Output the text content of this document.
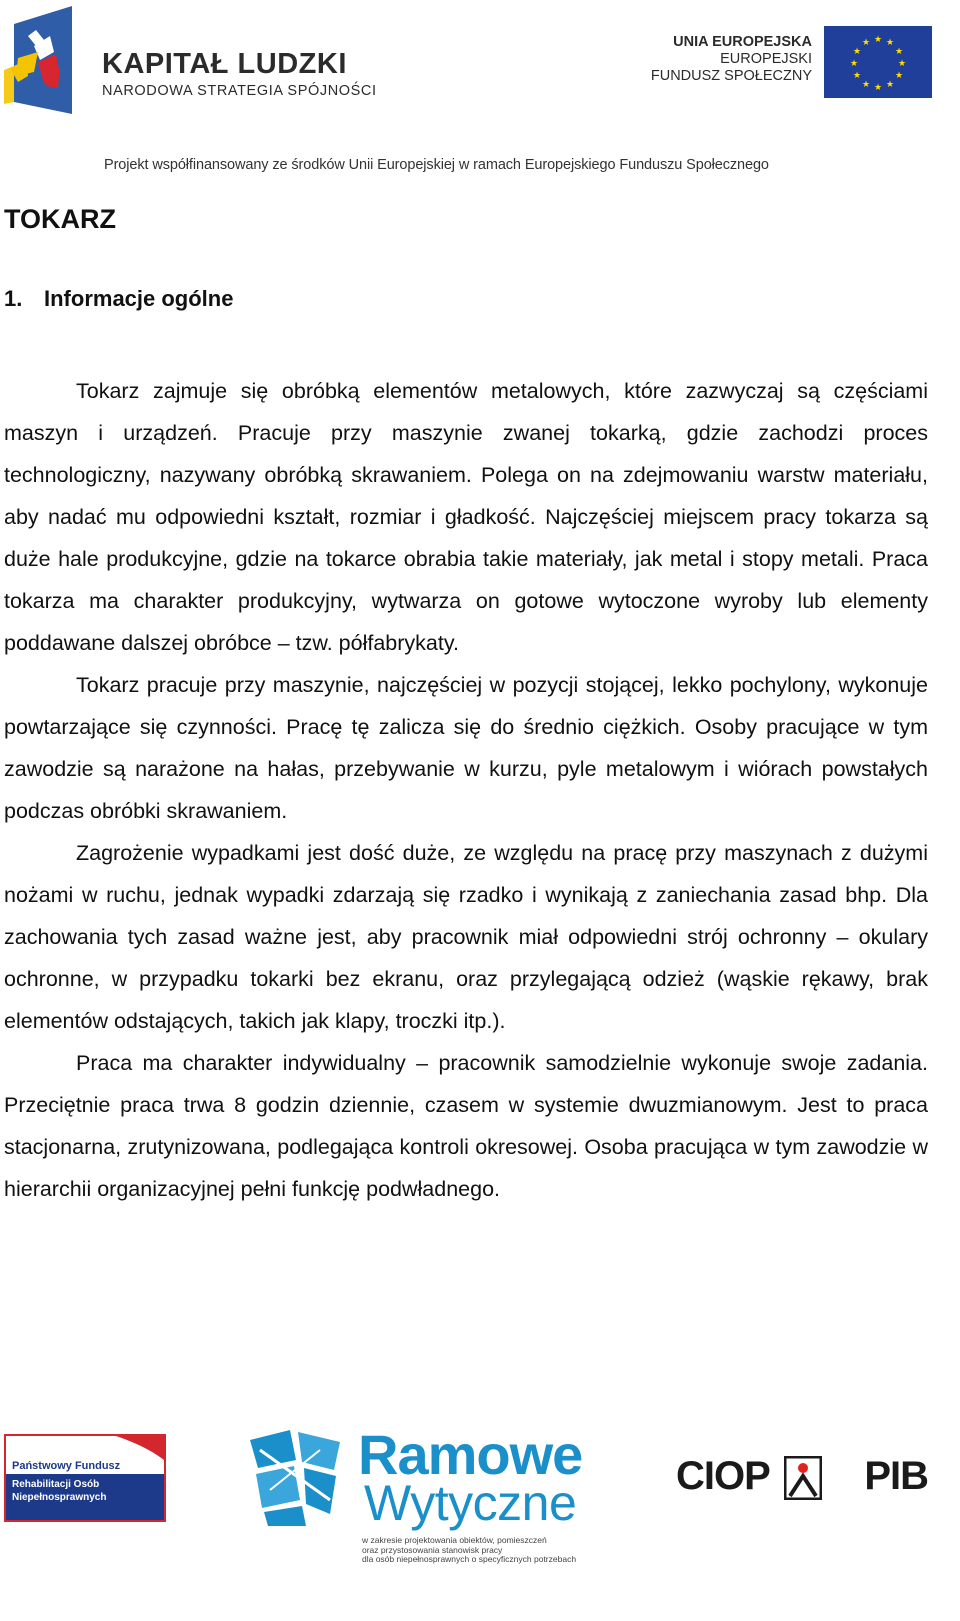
KAPITAŁ LUDZKI
NARODOWA STRATEGIA SPÓJNOŚCI
UNIA EUROPEJSKA
EUROPEJSKI
FUNDUSZ SPOŁECZNY
★ ★
★
★
★
★
★
★
★
★
★
★
Projekt współfinansowany ze środków Unii Europejskiej w ramach Europejskiego Funduszu Społecznego
TOKARZ
1. Informacje ogólne

Tokarz zajmuje się obróbką elementów metalowych, które zazwyczaj są częściami maszyn i urządzeń. Pracuje przy maszynie zwanej tokarką, gdzie zachodzi proces technologiczny, nazywany obróbką skrawaniem. Polega on na zdejmowaniu warstw materiału, aby nadać mu odpowiedni kształt, rozmiar i gładkość. Najczęściej miejscem pracy tokarza są duże hale produkcyjne, gdzie na tokarce obrabia takie materiały, jak metal i stopy metali. Praca tokarza ma charakter produkcyjny, wytwarza on gotowe wytoczone wyroby lub elementy poddawane dalszej obróbce – tzw. półfabrykaty.

Tokarz pracuje przy maszynie, najczęściej w pozycji stojącej, lekko pochylony, wykonuje powtarzające się czynności. Pracę tę zalicza się do średnio ciężkich. Osoby pracujące w tym zawodzie są narażone na hałas, przebywanie w kurzu, pyle metalowym i wiórach powstałych podczas obróbki skrawaniem.

Zagrożenie wypadkami jest dość duże, ze względu na pracę przy maszynach z dużymi nożami w ruchu, jednak wypadki zdarzają się rzadko i wynikają z zaniechania zasad bhp. Dla zachowania tych zasad ważne jest, aby pracownik miał odpowiedni strój ochronny – okulary ochronne, w przypadku tokarki bez ekranu, oraz przylegającą odzież (wąskie rękawy, brak elementów odstających, takich jak klapy, troczki itp.).

Praca ma charakter indywidualny – pracownik samodzielnie wykonuje swoje zadania. Przeciętnie praca trwa 8 godzin dziennie, czasem w systemie dwuzmianowym. Jest to praca stacjonarna, zrutynizowana, podlegająca kontroli okresowej. Osoba pracująca w tym zawodzie w hierarchii organizacyjnej pełni funkcję podwładnego.

Państwowy Fundusz
Rehabilitacji Osób
Niepełnosprawnych
Ramowe
Wytyczne
w zakresie projektowania obiektów, pomieszczeń
oraz przystosowania stanowisk pracy
dla osób niepełnosprawnych o specyficznych potrzebach
CIOP PIB
